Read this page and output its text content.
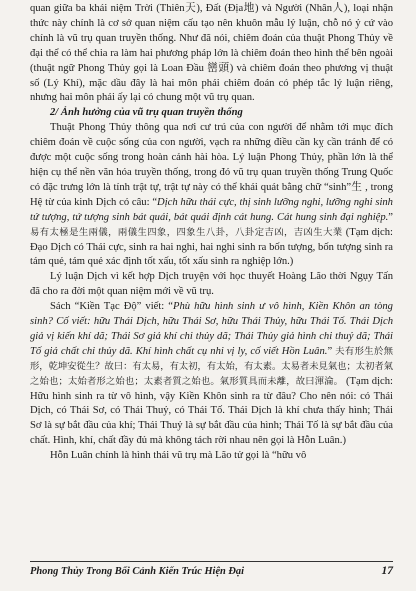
quan giữa ba khái niệm Trời (Thiên天), Đất (Địa地) và Người (Nhân人), loại nhận thức này chính là cơ sở quan niệm cấu tạo nên khuôn mẫu lý luận, chỗ nó ỷ cứ vào chính là vũ trụ quan truyền thống. Như đã nói, chiêm đoán của thuật Phong Thủy về đại thể có thể chia ra làm hai phương pháp lớn là chiêm đoán theo hình thể bên ngoài (thuật ngữ Phong Thủy gọi là Loan Đầu 巒頭) và chiêm đoán theo phương vị thuật số (Lý Khí), mặc dầu đây là hai môn phái chiêm đoán có phép tắc lý luận riêng, nhưng hai môn phái ấy lại có chung một vũ trụ quan.

2/ Ảnh hưởng của vũ trụ quan truyền thống

Thuật Phong Thủy thông qua nơi cư trú của con người để nhằm tới mục đích chiêm đoán về cuộc sống của con người, vạch ra những điều cần kỵ cần tránh để có được một cuộc sống trong hoàn cảnh hài hòa. Lý luận Phong Thủy, phần lớn là thể hiện cụ thể nền văn hóa truyền thống, trong đó vũ trụ quan truyền thống Trung Quốc có đặc trưng lớn là tính trật tự, trật tự này có thể khái quát bằng chữ “sinh”生 , trong Hệ từ của kinh Dịch có câu: “Dịch hữu thái cực, thị sinh lưỡng nghi, lưỡng nghi sinh tứ tượng, tứ tượng sinh bát quái, bát quái định cát hung. Cát hung sinh đại nghiệp.” 易有太極是生兩儀，兩儀生四象，四象生八卦，八卦定吉凶，吉凶生大業 (Tạm dịch: Đạo Dịch có Thái cực, sinh ra hai nghi, hai nghi sinh ra bốn tượng, bốn tượng sinh ra tám quẻ, tám quẻ xác định tốt xấu, tốt xấu sinh ra nghiệp lớn.)

Lý luận Dịch vì kết hợp Dịch truyện với học thuyết Hoàng Lão thời Ngụy Tấn đã cho ra đời một quan niệm mới về vũ trụ.

Sách “Kiền Tạc Độ” viết: “Phù hữu hình sinh ư vô hình, Kiền Khôn an tòng sinh? Cố viết: hữu Thái Dịch, hữu Thái Sơ, hữu Thái Thủy, hữu Thái Tố. Thái Dịch giả vị kiến khí dã; Thái Sơ giả khí chi thủy dã; Thái Thủy giả hình chi thuỷ dã; Thái Tố giả chất chi thủy dã. Khí hình chất cụ nhi vị ly, cố viết Hồn Luân.” 夫有形生於無形，乾坤安從生？故曰：有太易，有太初，有太始，有太素。太易者未見氣也；太初者氣之始也；太始者形之始也；太素者質之始也。氣形質具而未離，故曰渾淪。 (Tạm dịch: Hữu hình sinh ra từ vô hình, vậy Kiền Khôn sinh ra từ đâu? Cho nên nói: có Thái Dịch, có Thái Sơ, có Thái Thuỷ, có Thái Tố. Thái Dịch là khí chưa thấy hình; Thái Sơ là sự bắt đầu của khí; Thái Thuỷ là sự bắt đầu của hình; Thái Tố là sự bắt đầu của chất. Hình, khí, chất đầy đủ mà không tách rời nhau nên gọi là Hỗn Luân.)

Hỗn Luân chính là hình thái vũ trụ mà Lão tử gọi là “hữu vô

Phong Thủy Trong Bối Cảnh Kiến Trúc Hiện Đại	17
